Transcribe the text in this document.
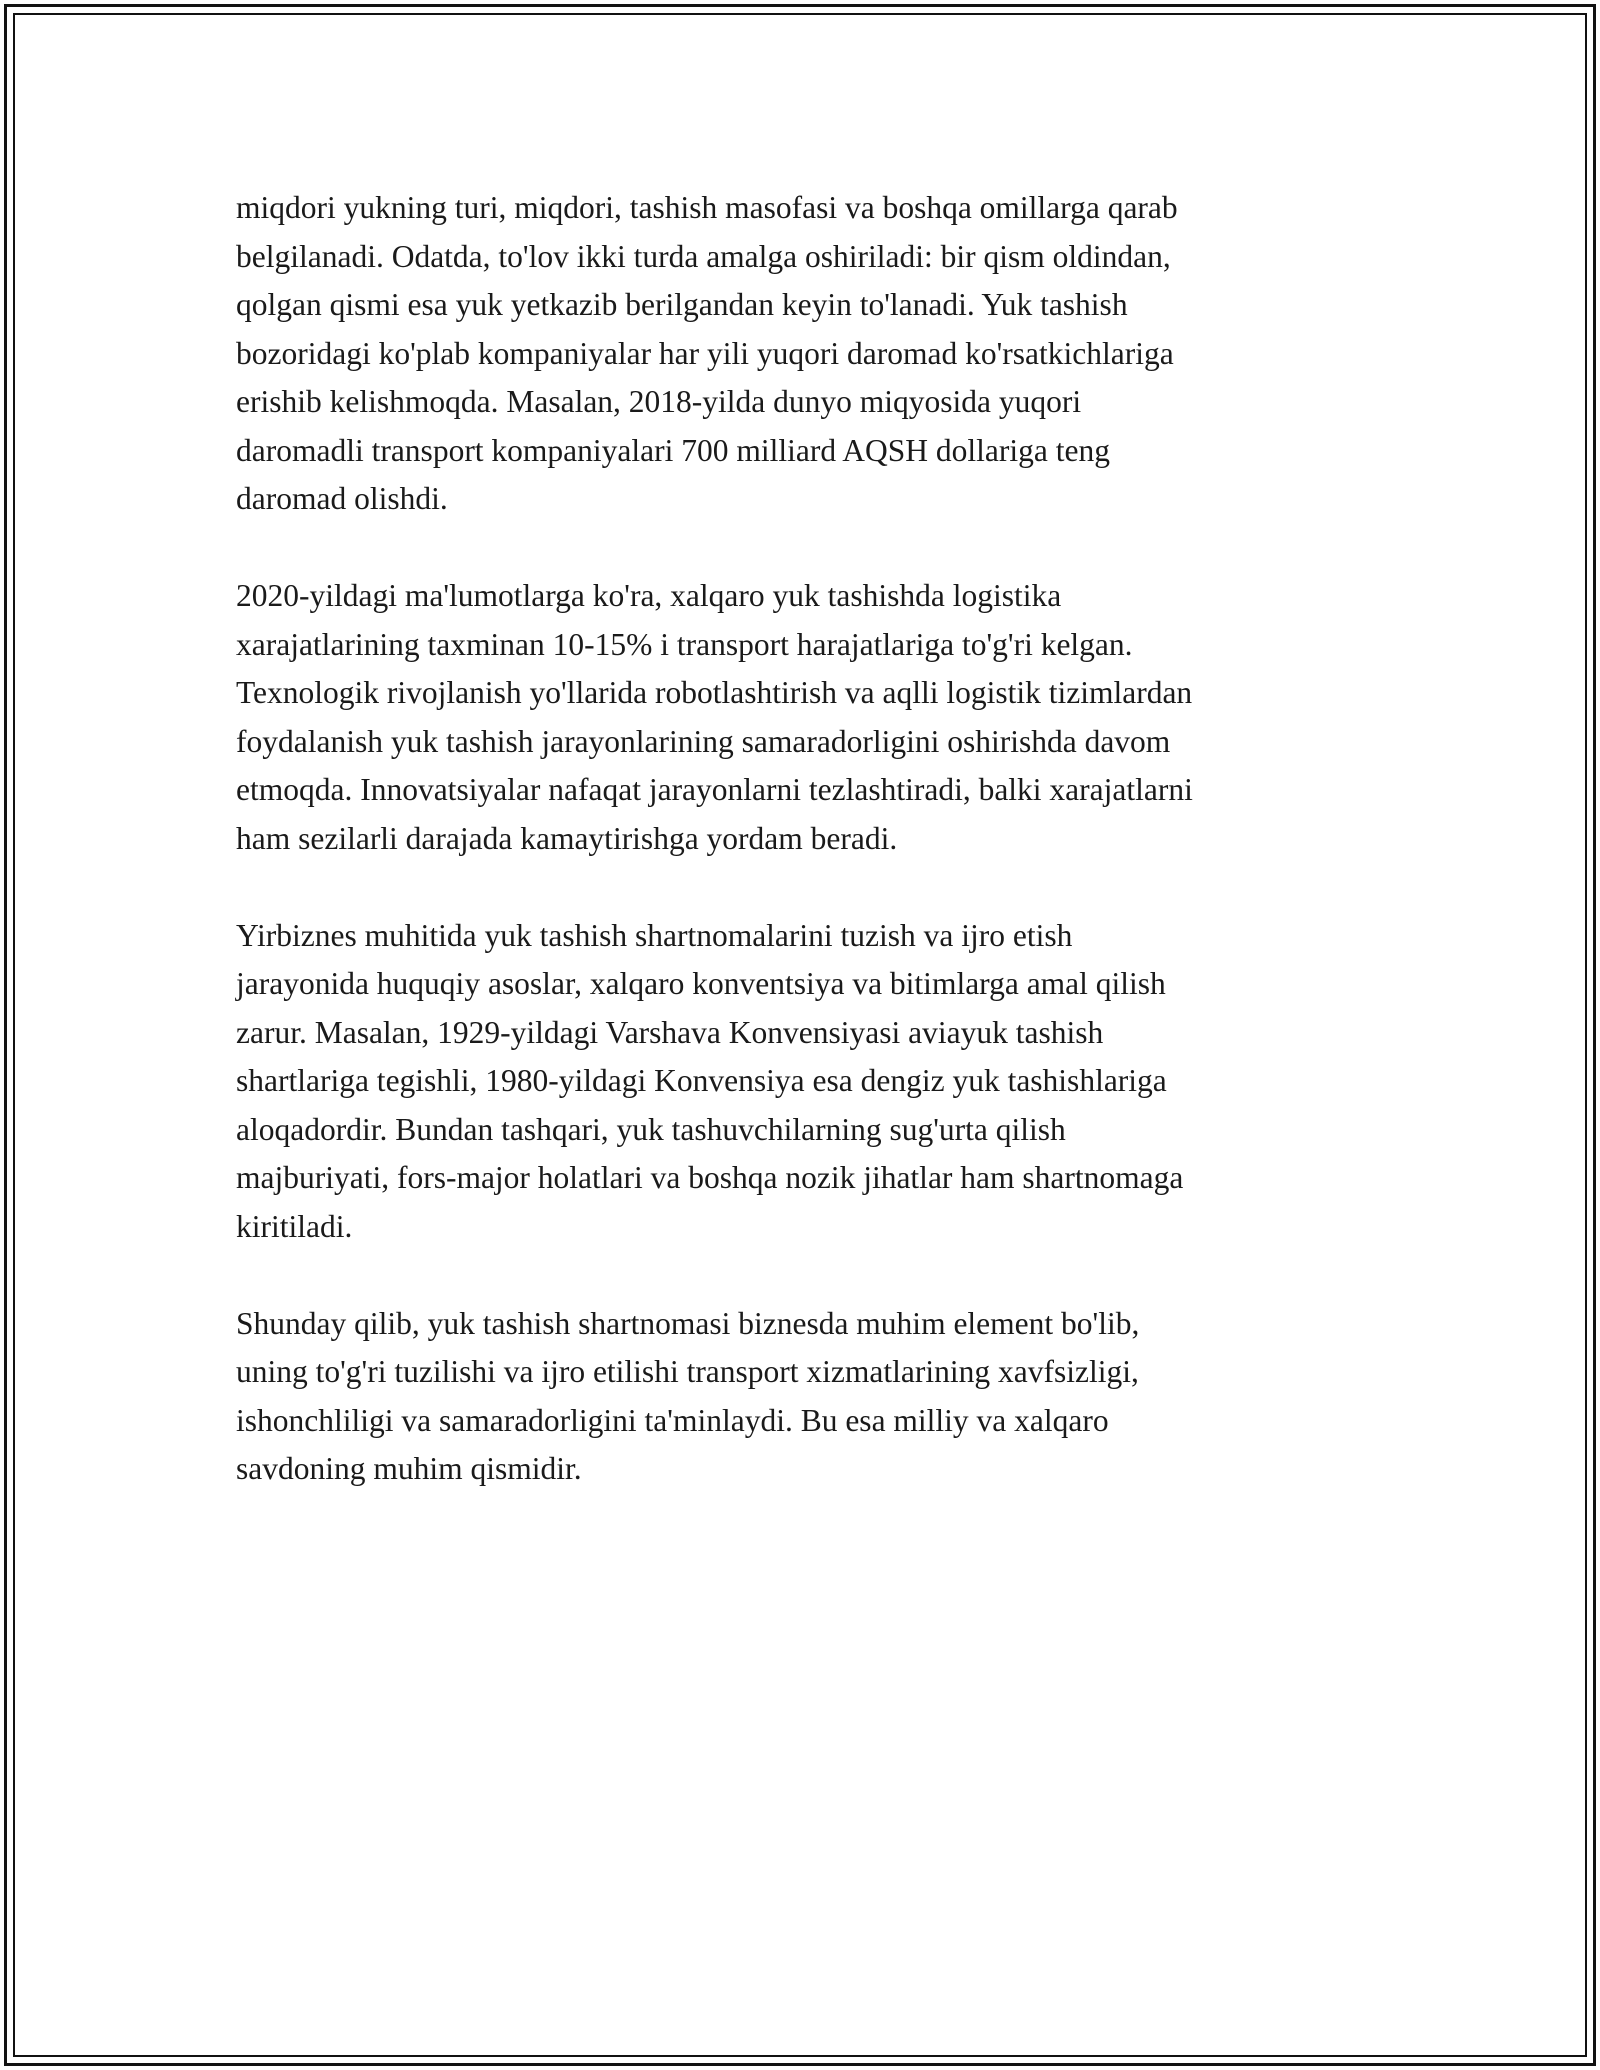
miqdori yukning turi, miqdori, tashish masofasi va boshqa omillarga qarab
belgilanadi. Odatda, to'lov ikki turda amalga oshiriladi: bir qism oldindan,
qolgan qismi esa yuk yetkazib berilgandan keyin to'lanadi. Yuk tashish
bozoridagi ko'plab kompaniyalar har yili yuqori daromad ko'rsatkichlariga
erishib kelishmoqda. Masalan, 2018-yilda dunyo miqyosida yuqori
daromadli transport kompaniyalari 700 milliard AQSH dollariga teng
daromad olishdi.

2020-yildagi ma'lumotlarga ko'ra, xalqaro yuk tashishda logistika
xarajatlarining taxminan 10-15% i transport harajatlariga to'g'ri kelgan.
Texnologik rivojlanish yo'llarida robotlashtirish va aqlli logistik tizimlardan
foydalanish yuk tashish jarayonlarining samaradorligini oshirishda davom
etmoqda. Innovatsiyalar nafaqat jarayonlarni tezlashtiradi, balki xarajatlarni
ham sezilarli darajada kamaytirishga yordam beradi.

Yirbiznes muhitida yuk tashish shartnomalarini tuzish va ijro etish
jarayonida huquqiy asoslar, xalqaro konventsiya va bitimlarga amal qilish
zarur. Masalan, 1929-yildagi Varshava Konvensiyasi aviayuk tashish
shartlariga tegishli, 1980-yildagi Konvensiya esa dengiz yuk tashishlariga
aloqadordir. Bundan tashqari, yuk tashuvchilarning sug'urta qilish
majburiyati, fors-major holatlari va boshqa nozik jihatlar ham shartnomaga
kiritiladi.

Shunday qilib, yuk tashish shartnomasi biznesda muhim element bo'lib,
uning to'g'ri tuzilishi va ijro etilishi transport xizmatlarining xavfsizligi,
ishonchliligi va samaradorligini ta'minlaydi. Bu esa milliy va xalqaro
savdoning muhim qismidir.
